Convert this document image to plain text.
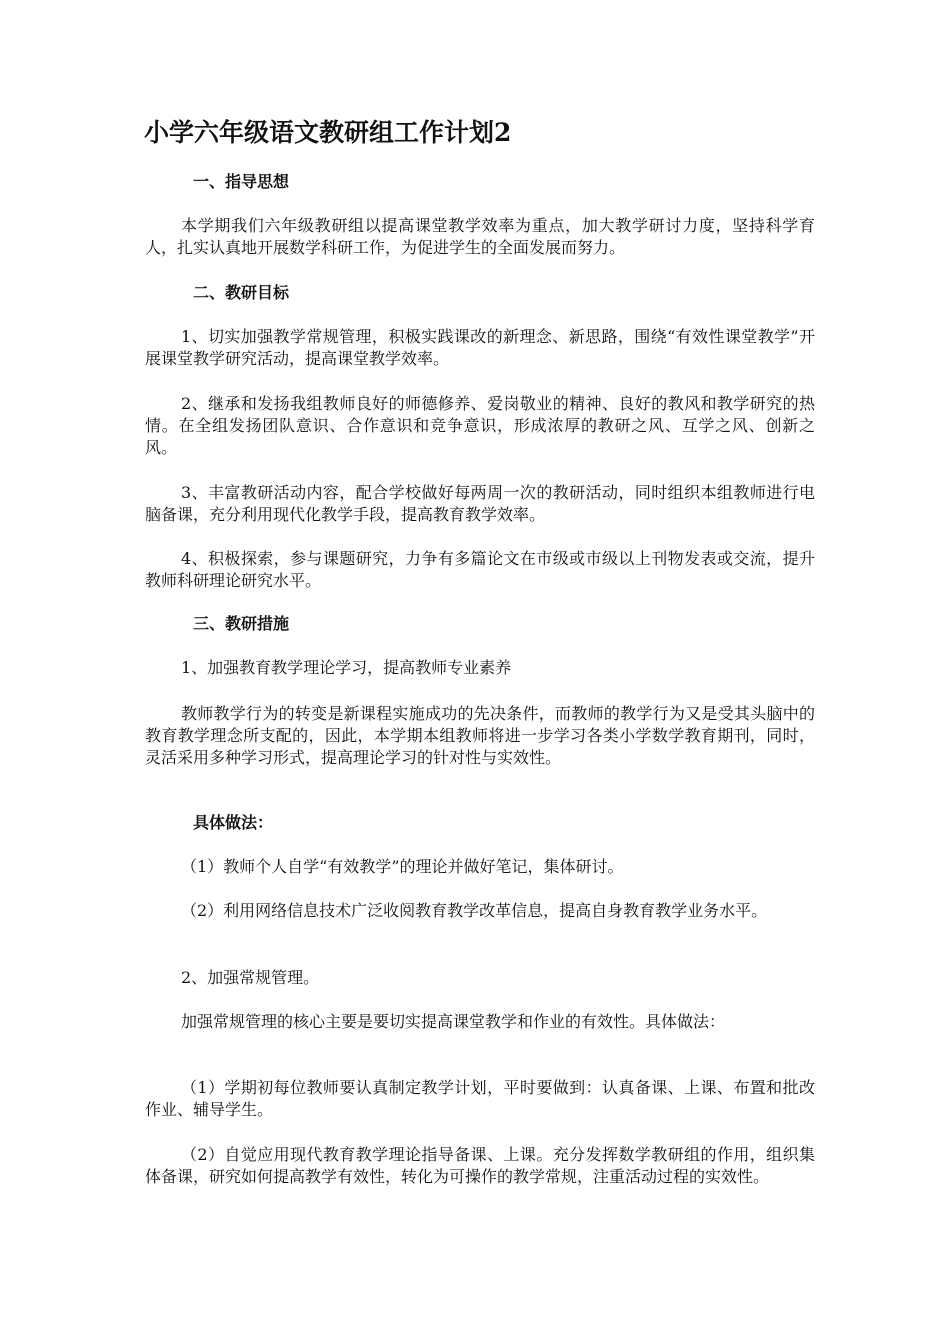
小学六年级语文教研组工作计划2
一、指导思想

本学期我们六年级教研组以提高课堂教学效率为重点，加大教学研讨力度，坚持科学育人，扎实认真地开展数学科研工作，为促进学生的全面发展而努力。

二、教研目标

1、切实加强教学常规管理，积极实践课改的新理念、新思路，围绕“有效性课堂教学”开展课堂教学研究活动，提高课堂教学效率。

2、继承和发扬我组教师良好的师德修养、爱岗敬业的精神、良好的教风和教学研究的热情。在全组发扬团队意识、合作意识和竞争意识，形成浓厚的教研之风、互学之风、创新之风。

3、丰富教研活动内容，配合学校做好每两周一次的教研活动，同时组织本组教师进行电脑备课，充分利用现代化教学手段，提高教育教学效率。

4、积极探索，参与课题研究，力争有多篇论文在市级或市级以上刊物发表或交流，提升教师科研理论研究水平。

三、教研措施
1、加强教育教学理论学习，提高教师专业素养

教师教学行为的转变是新课程实施成功的先决条件，而教师的教学行为又是受其头脑中的教育教学理念所支配的，因此，本学期本组教师将进一步学习各类小学数学教育期刊，同时，灵活采用多种学习形式，提高理论学习的针对性与实效性。

具体做法：
（1）教师个人自学“有效教学”的理论并做好笔记，集体研讨。

（2）利用网络信息技术广泛收阅教育教学改革信息，提高自身教育教学业务水平。

2、加强常规管理。

加强常规管理的核心主要是要切实提高课堂教学和作业的有效性。具体做法：

（1）学期初每位教师要认真制定教学计划，平时要做到：认真备课、上课、布置和批改作业、辅导学生。

（2）自觉应用现代教育教学理论指导备课、上课。充分发挥数学教研组的作用，组织集体备课，研究如何提高教学有效性，转化为可操作的教学常规，注重活动过程的实效性。
